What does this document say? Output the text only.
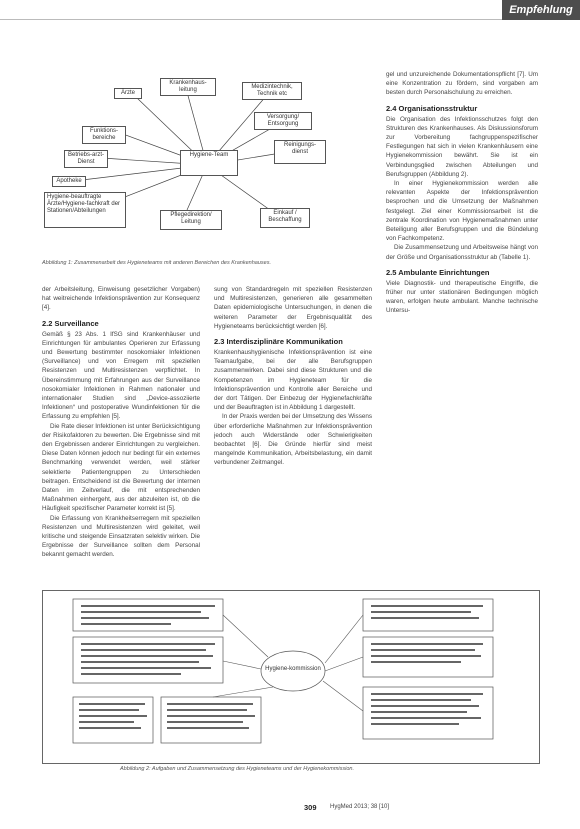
Empfehlung
Hygiene-Team
Krankenhaus-leitung
Ärzte
Medizintechnik, Technik etc
Versorgung/ Entsorgung
Funktions-bereiche
Betriebs-arzt-Dienst
Reinigungs-dienst
Apotheke
Hygiene-beauftragte Ärzte/Hygiene-fachkraft der Stationen/Abteilungen
Pflegedirektion/ Leitung
Einkauf / Beschaffung
Abbildung 1: Zusammenarbeit des Hygieneteams mit anderen Bereichen des Krankenhauses.

der Arbeitsleitung, Einweisung gesetzlicher Vorgaben) hat weitreichende Infektionsprävention zur Konsequenz [4].

2.2 Surveillance

Gemäß § 23 Abs. 1 IfSG sind Krankenhäuser und Einrichtungen für ambulantes Operieren zur Erfassung und Bewertung bestimmter nosokomialer Infektionen (Surveillance) und von Erregern mit speziellen Resistenzen und Multiresistenzen verpflichtet. In Übereinstimmung mit Erfahrungen aus der Surveillance nosokomialer Infektionen in Rahmen nationaler und internationaler Studien sind „Device-assoziierte Infektionen“ und postoperative Wundinfektionen für die Erfassung zu empfehlen [5].

Die Rate dieser Infektionen ist unter Berücksichtigung der Risikofaktoren zu bewerten. Die Ergebnisse sind mit den Ergebnissen anderer Einrichtungen zu vergleichen. Diese Daten können jedoch nur bedingt für ein externes Benchmarking verwendet werden, weil stärker selektierte Patientengruppen zu Unterschieden beitragen. Entscheidend ist die Bewertung der internen Daten im Zeitverlauf, die mit entsprechenden Maßnahmen einhergeht, aus der abzuleiten ist, ob die Häufigkeit spezifischer Parameter korrekt ist [5].

Die Erfassung von Krankheitserregern mit speziellen Resistenzen und Multiresistenzen wird geleitet, weil kritische und steigende Einsatzraten selektiv wirken. Die Ergebnisse der Surveillance sollten dem Personal bekannt gemacht werden.

sung von Standardregeln mit speziellen Resistenzen und Multiresistenzen, generieren alle gesammelten Daten epidemiologische Untersuchungen, in denen die weiteren Parameter der Ergebnisqualität des Hygieneteams berücksichtigt werden [6].

2.3 Interdisziplinäre Kommunikation

Krankenhaushygienische Infektionsprävention ist eine Teamaufgabe, bei der alle Berufsgruppen zusammenwirken. Dabei sind diese Strukturen und die Kompetenzen im Hygieneteam für die Infektionsprävention und Kontrolle aller Bereiche und der dort Tätigen. Der Einbezug der Hygienefachkräfte und der Beauftragten ist in Abbildung 1 dargestellt.

In der Praxis werden bei der Umsetzung des Wissens über erforderliche Maßnahmen zur Infektionsprävention jedoch auch Widerstände oder Schwierigkeiten beobachtet [6]. Die Gründe hierfür sind meist mangelnde Kommunikation, Arbeitsbelastung, ein damit verbundener Zeitmangel.

gel und unzureichende Dokumentationspflicht [7]. Um eine Konzentration zu fördern, sind vorgaben am besten durch Personalschulung zu erreichen.

2.4 Organisationsstruktur

Die Organisation des Infektionsschutzes folgt den Strukturen des Krankenhauses. Als Diskussionsforum zur Vorbereitung fachgruppenspezifischer Festlegungen hat sich in vielen Krankenhäusern eine Hygienekommission bewährt. Sie ist ein Verbindungsglied zwischen Abteilungen und Berufsgruppen (Abbildung 2).

In einer Hygienekommission werden alle relevanten Aspekte der Infektionsprävention besprochen und die Umsetzung der Maßnahmen festgelegt. Ziel einer Kommissionsarbeit ist die zentrale Koordination von Hygienemaßnahmen unter Beteiligung aller Berufsgruppen und die Bündelung von Fachkompetenz.

Die Zusammensetzung und Arbeitsweise hängt von der Größe und Organisationsstruktur ab (Tabelle 1).

2.5 Ambulante Einrichtungen

Viele Diagnostik- und therapeutische Eingriffe, die früher nur unter stationären Bedingungen möglich waren, erfolgen heute ambulant. Manche technische Untersu-

Hygiene-kommission
Abbildung 2: Aufgaben und Zusammensetzung des Hygieneteams und der Hygienekommission.
309 HygMed 2013; 38 [10]
